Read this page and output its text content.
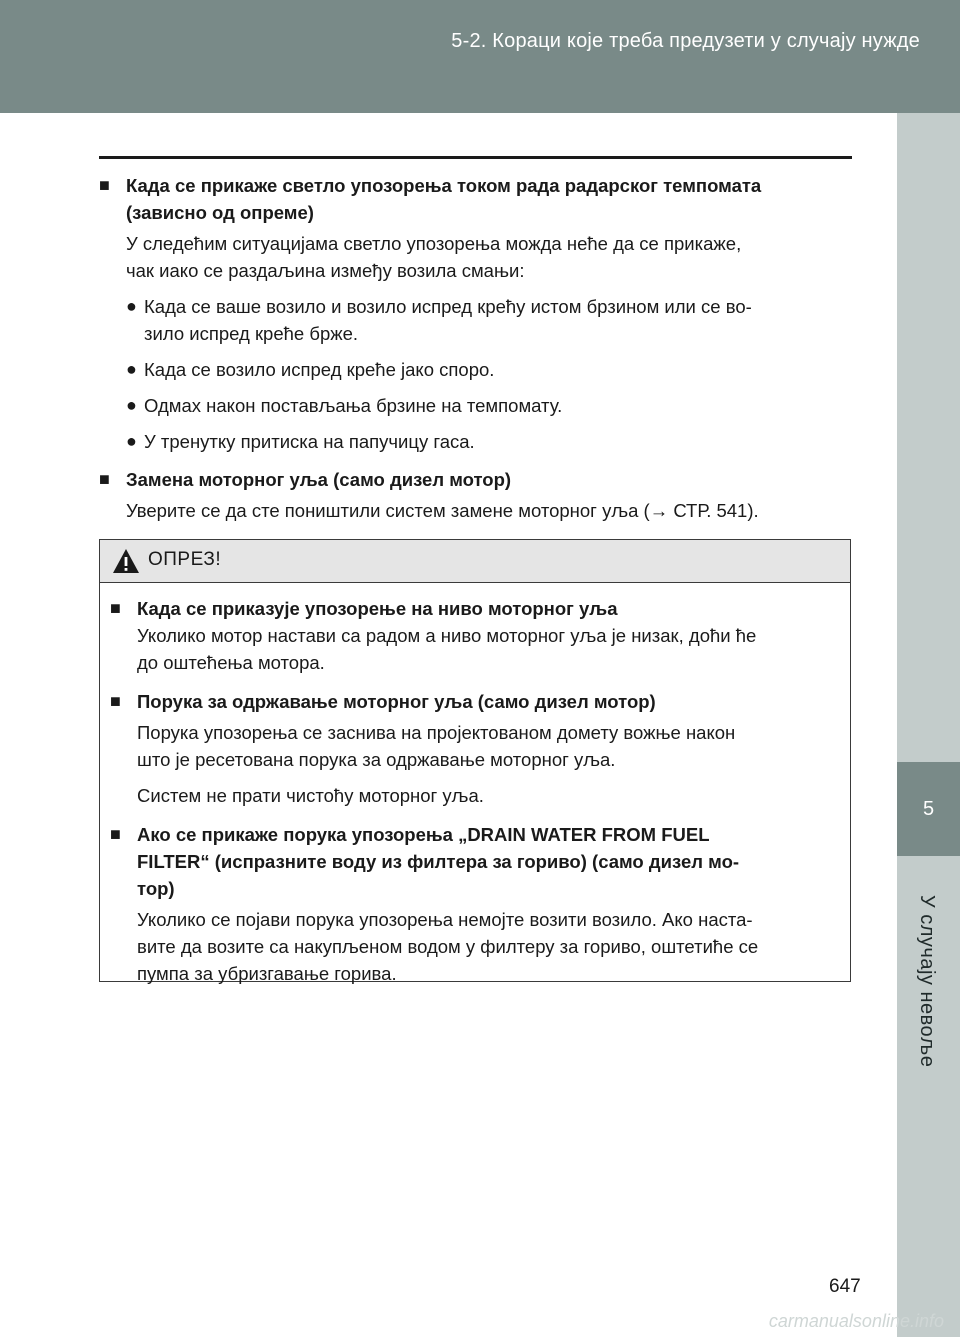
5-2. Кораци које треба предузети у случају нужде
5
У случају невоље
■ Када се прикаже светло упозорења током рада радарског темпомата
(зависно од опреме)
У следећим ситуацијама светло упозорења можда неће да се прикаже,
чак иако се раздаљина између возила смањи:
● Када се ваше возило и возило испред крећу истом брзином или се во-
зило испред креће брже.
● Када се возило испред креће јако споро.
● Одмах након постављања брзине на темпомату.
● У тренутку притиска на папучицу гаса.
■ Замена моторног уља (само дизел мотор)
Уверите се да сте поништили систем замене моторног уља (→ СТР. 541).
ОПРЕЗ!
■ Када се приказује упозорење на ниво моторног уља
Уколико мотор настави са радом а ниво моторног уља је низак, доћи ће
до оштећења мотора.
■ Порука за одржавање моторног уља (само дизел мотор)
Порука упозорења се заснива на пројектованом домету вожње након
што је ресетована порука за одржавање моторног уља.
Систем не прати чистоћу моторног уља.
■ Ако се прикаже порука упозорења „DRAIN WATER FROM FUEL
FILTER“ (испразните воду из филтера за гориво) (само дизел мо-
тор)
Уколико се појави порука упозорења немојте возити возило. Ако наста-
вите да возите са накупљеном водом у филтеру за гориво, оштетиће се
пумпа за убризгавање горива.
647
carmanualsonline.info
